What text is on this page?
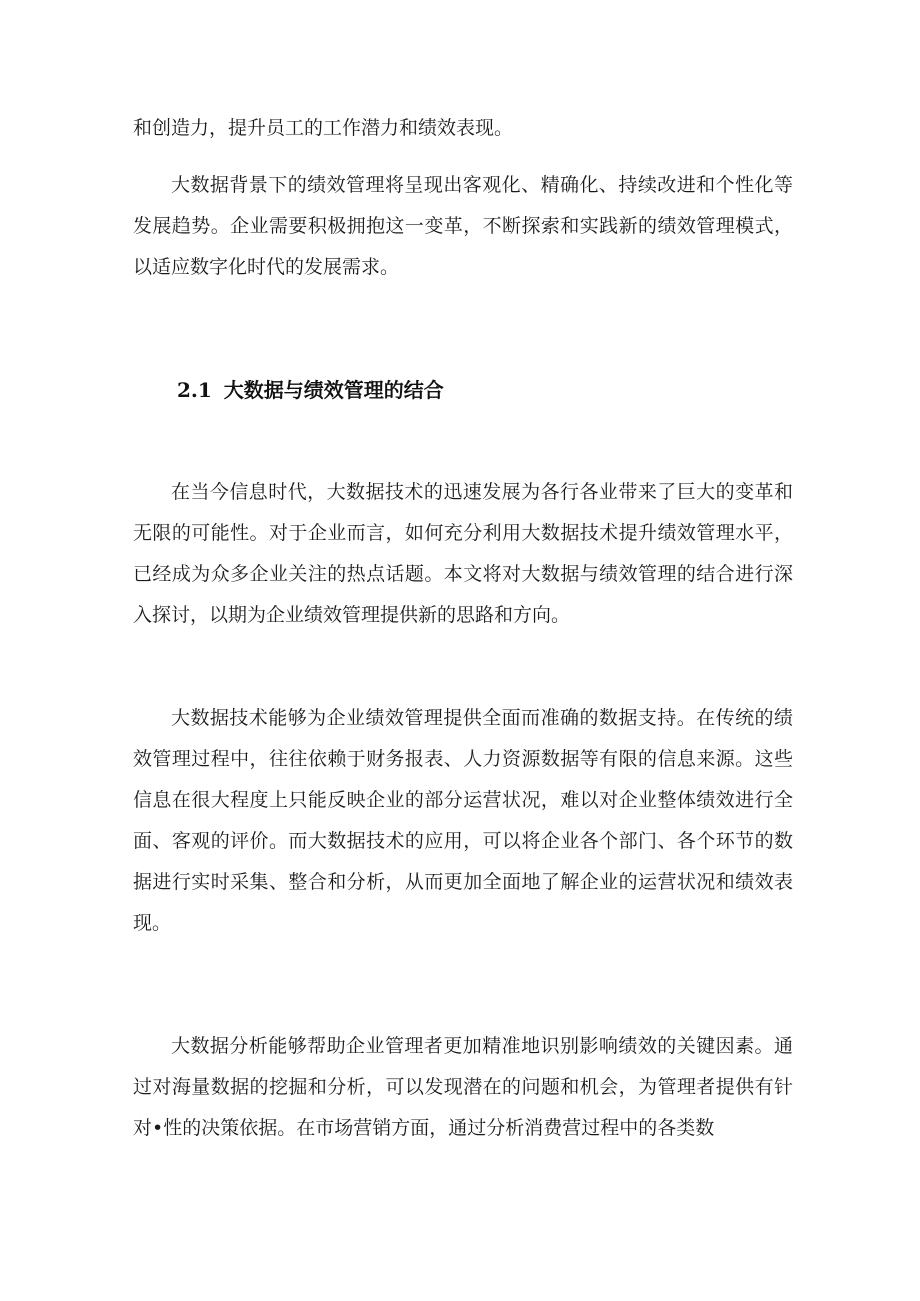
和创造力，提升员工的工作潜力和绩效表现。

大数据背景下的绩效管理将呈现出客观化、精确化、持续改进和个性化等发展趋势。企业需要积极拥抱这一变革，不断探索和实践新的绩效管理模式，以适应数字化时代的发展需求。

2.1 大数据与绩效管理的结合

在当今信息时代，大数据技术的迅速发展为各行各业带来了巨大的变革和无限的可能性。对于企业而言，如何充分利用大数据技术提升绩效管理水平，已经成为众多企业关注的热点话题。本文将对大数据与绩效管理的结合进行深入探讨，以期为企业绩效管理提供新的思路和方向。

大数据技术能够为企业绩效管理提供全面而准确的数据支持。在传统的绩效管理过程中，往往依赖于财务报表、人力资源数据等有限的信息来源。这些信息在很大程度上只能反映企业的部分运营状况，难以对企业整体绩效进行全面、客观的评价。而大数据技术的应用，可以将企业各个部门、各个环节的数据进行实时采集、整合和分析，从而更加全面地了解企业的运营状况和绩效表现。

大数据分析能够帮助企业管理者更加精准地识别影响绩效的关键因素。通过对海量数据的挖掘和分析，可以发现潜在的问题和机会，为管理者提供有针对•性的决策依据。在市场营销方面，通过分析消费营过程中的各类数
